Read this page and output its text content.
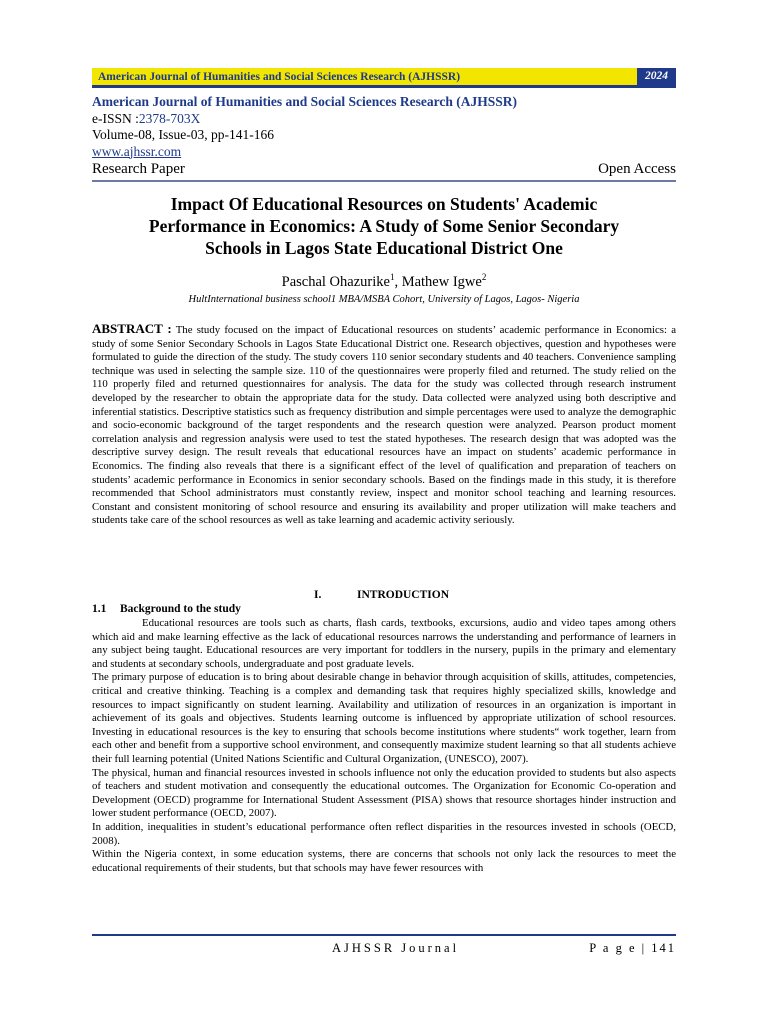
American Journal of Humanities and Social Sciences Research (AJHSSR)	2024
American Journal of Humanities and Social Sciences Research (AJHSSR)
e-ISSN :2378-703X
Volume-08, Issue-03, pp-141-166
www.ajhssr.com
Research Paper	Open Access
Impact Of Educational Resources on Students' Academic
Performance in Economics: A Study of Some Senior Secondary
Schools in Lagos State Educational District One
Paschal Ohazurike$^1$, Mathew Igwe$^2$
HultInternational business school1 MBA/MSBA Cohort, University of Lagos, Lagos- Nigeria
ABSTRACT : The study focused on the impact of Educational resources on students’ academic performance in Economics: a study of some Senior Secondary Schools in Lagos State Educational District one. Research objectives, question and hypotheses were formulated to guide the direction of the study. The study covers 110 senior secondary students and 40 teachers. Convenience sampling technique was used in selecting the sample size. 110 of the questionnaires were properly filed and returned. The study relied on the 110 properly filed and returned questionnaires for analysis. The data for the study was collected through research instrument developed by the researcher to obtain the appropriate data for the study. Data collected were analyzed using both descriptive and inferential statistics. Descriptive statistics such as frequency distribution and simple percentages were used to analyze the demographic and socio-economic background of the target respondents and the research question were analyzed. Pearson product moment correlation analysis and regression analysis were used to test the stated hypotheses. The research design that was adopted was the descriptive survey design. The result reveals that educational resources have an impact on students’ academic performance in Economics. The finding also reveals that there is a significant effect of the level of qualification and preparation of teachers on students’ academic performance in Economics in senior secondary schools. Based on the findings made in this study, it is therefore recommended that School administrators must constantly review, inspect and monitor school teaching and learning resources. Constant and consistent monitoring of school resource and ensuring its availability and proper utilization will make teachers and students take care of the school resources as well as take learning and academic activity seriously.
I.	INTRODUCTION
1.1 Background to the study

Educational resources are tools such as charts, flash cards, textbooks, excursions, audio and video tapes among others which aid and make learning effective as the lack of educational resources narrows the understanding and performance of learners in any subject being taught. Educational resources are very important for toddlers in the nursery, pupils in the primary and elementary and students at secondary schools, undergraduate and post graduate levels.

The primary purpose of education is to bring about desirable change in behavior through acquisition of skills, attitudes, competencies, critical and creative thinking. Teaching is a complex and demanding task that requires highly specialized skills, knowledge and resources to impact significantly on student learning. Availability and utilization of resources in an organization is important in achievement of its goals and objectives. Students learning outcome is influenced by appropriate utilization of school resources. Investing in educational resources is the key to ensuring that schools become institutions where students“ work together, learn from each other and benefit from a supportive school environment, and consequently maximize student learning so that all students achieve their full learning potential (United Nations Scientific and Cultural Organization, (UNESCO), 2007).

The physical, human and financial resources invested in schools influence not only the education provided to students but also aspects of teachers and student motivation and consequently the educational outcomes. The Organization for Economic Co-operation and Development (OECD) programme for International Student Assessment (PISA) shows that resource shortages hinder instruction and lower student performance (OECD, 2007).

In addition, inequalities in student’s educational performance often reflect disparities in the resources invested in schools (OECD, 2008).

Within the Nigeria context, in some education systems, there are concerns that schools not only lack the resources to meet the educational requirements of their students, but that schools may have fewer resources with

AJHSSR Journal	P a g e | 141
